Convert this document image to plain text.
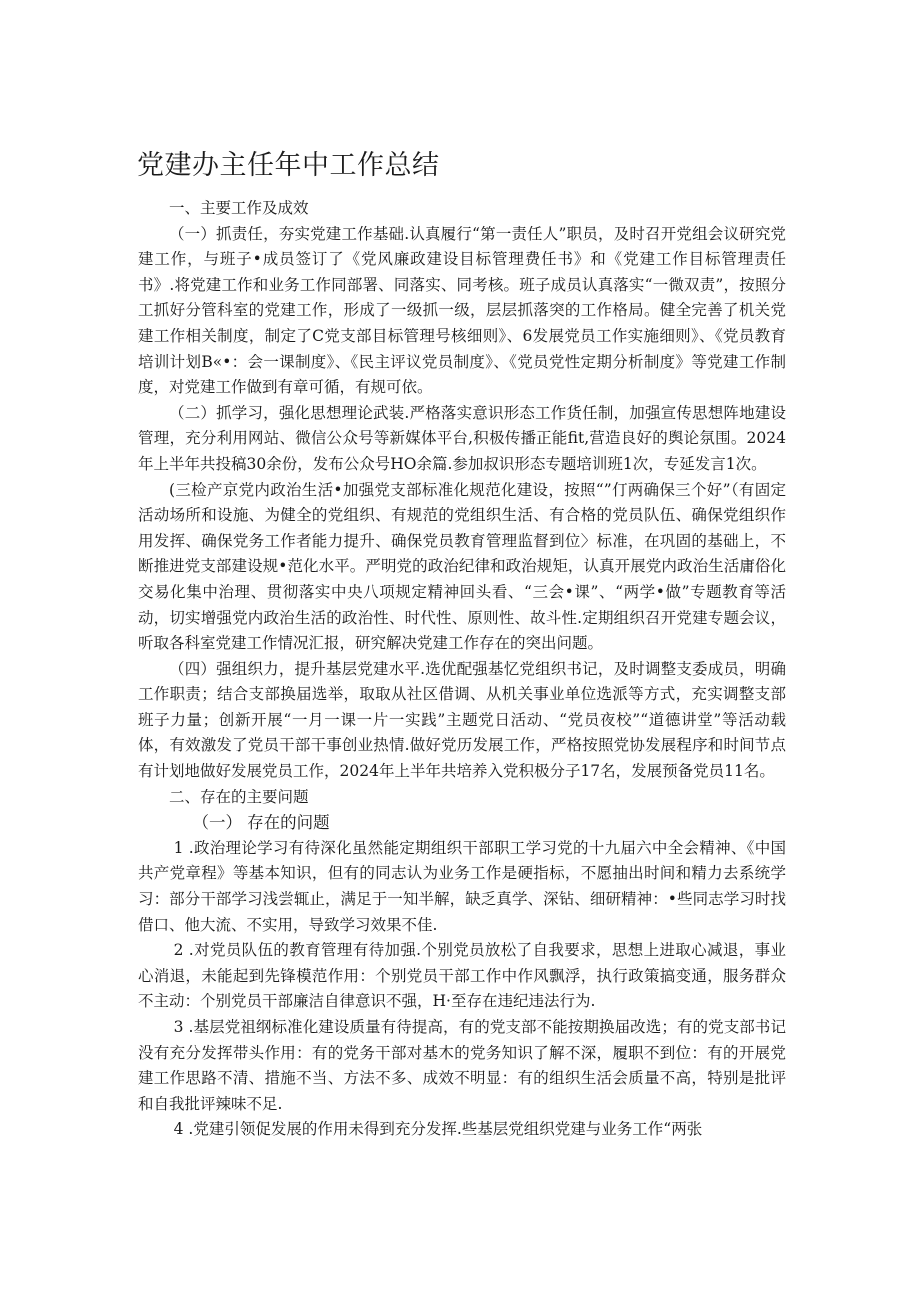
党建办主任年中工作总结

一、主要工作及成效

（一）抓责任，夯实党建工作基础.认真履行“第一责任人”职员，及时召开党组会议研究党建工作，与班子•成员签订了《党风廉政建设目标管理费任书》和《党建工作目标管理责任书》.将党建工作和业务工作同部署、同落实、同考核。班子成员认真落实“一微双责”，按照分工抓好分管科室的党建工作，形成了一级抓一级，层层抓落突的工作格局。健全完善了机关党建工作相关制度，制定了C党支部目标管理号核细则》、6发展党员工作实施细则》、《党员教育培训计划B«•：会一课制度》、《民主评议党员制度》、《党员党性定期分析制度》等党建工作制度，对党建工作做到有章可循，有规可依。

（二）抓学习，强化思想理论武装.严格落实意识形态工作货任制，加强宣传思想阵地建设管理，充分利用网站、微信公众号等新媒体平台,积极传播正能fit,营造良好的舆论氛围。2024年上半年共投稿30余份，发布公众号HO余篇.参加叔识形态专题培训班1次，专延发言1次。

(三检产京党内政治生活•加强党支部标准化规范化建设，按照“”仃两确保三个好”（有固定活动场所和设施、为健全的党组织、有规范的党组织生活、有合格的党员队伍、确保党组织作用发挥、确保党务工作者能力提升、确保党员教育管理监督到位〉标准，在巩固的基础上，不断推进党支部建设规•范化水平。严明党的政治纪律和政治规矩，认真开展党内政治生活庸俗化交易化集中治理、贯彻落实中央八项规定精神回头看、“三会•课”、“两学•做”专题教育等活动，切实增强党内政治生活的政治性、时代性、原则性、故斗性.定期组织召开党建专题会议，听取各科室党建工作情况汇报，研究解决党建工作存在的突出问题。

（四）强组织力，提升基层党建水平.选优配强基忆党组织书记，及时调整支委成员，明确工作职责；结合支部换届选举，取取从社区借调、从机关事业单位选派等方式，充实调整支部班子力量；创新开展“一月一课一片一实践”主题党日活动、“党员夜校”“道德讲堂”等活动载体，有效激发了党员干部干事创业热情.做好党历发展工作，严格按照党协发展程序和时间节点有计划地做好发展党员工作，2024年上半年共培养入党积极分子17名，发展预备党员11名。

二、存在的主要问题

（一） 存在的问题

1 .政治理论学习有待深化虽然能定期组织干部职工学习党的十九届六中全会精神、《中国共产党章程》等基本知识，但有的同志认为业务工作是硬指标，不愿抽出时间和精力去系统学习：部分干部学习浅尝辄止，满足于一知半解，缺乏真学、深钻、细研精神：•些同志学习时找借口、他大流、不实用，导致学习效果不佳.

2 .对党员队伍的教育管理有待加强.个别党员放松了自我要求，思想上进取心减退，事业心消退，未能起到先锋模范作用：个别党员干部工作中作风飘浮，执行政策搞变通，服务群众不主动：个别党员干部廉洁自律意识不强，H·至存在违纪违法行为.

3 .基层党祖纲标准化建设质量有待提高，有的党支部不能按期换届改选；有的党支部书记没有充分发挥带头作用：有的党务干部对基木的党务知识了解不深，履职不到位：有的开展党建工作思路不清、措施不当、方法不多、成效不明显：有的组织生活会质量不高，特别是批评和自我批评辣味不足.

4 .党建引领促发展的作用未得到充分发挥.些基层党组织党建与业务工作“两张
